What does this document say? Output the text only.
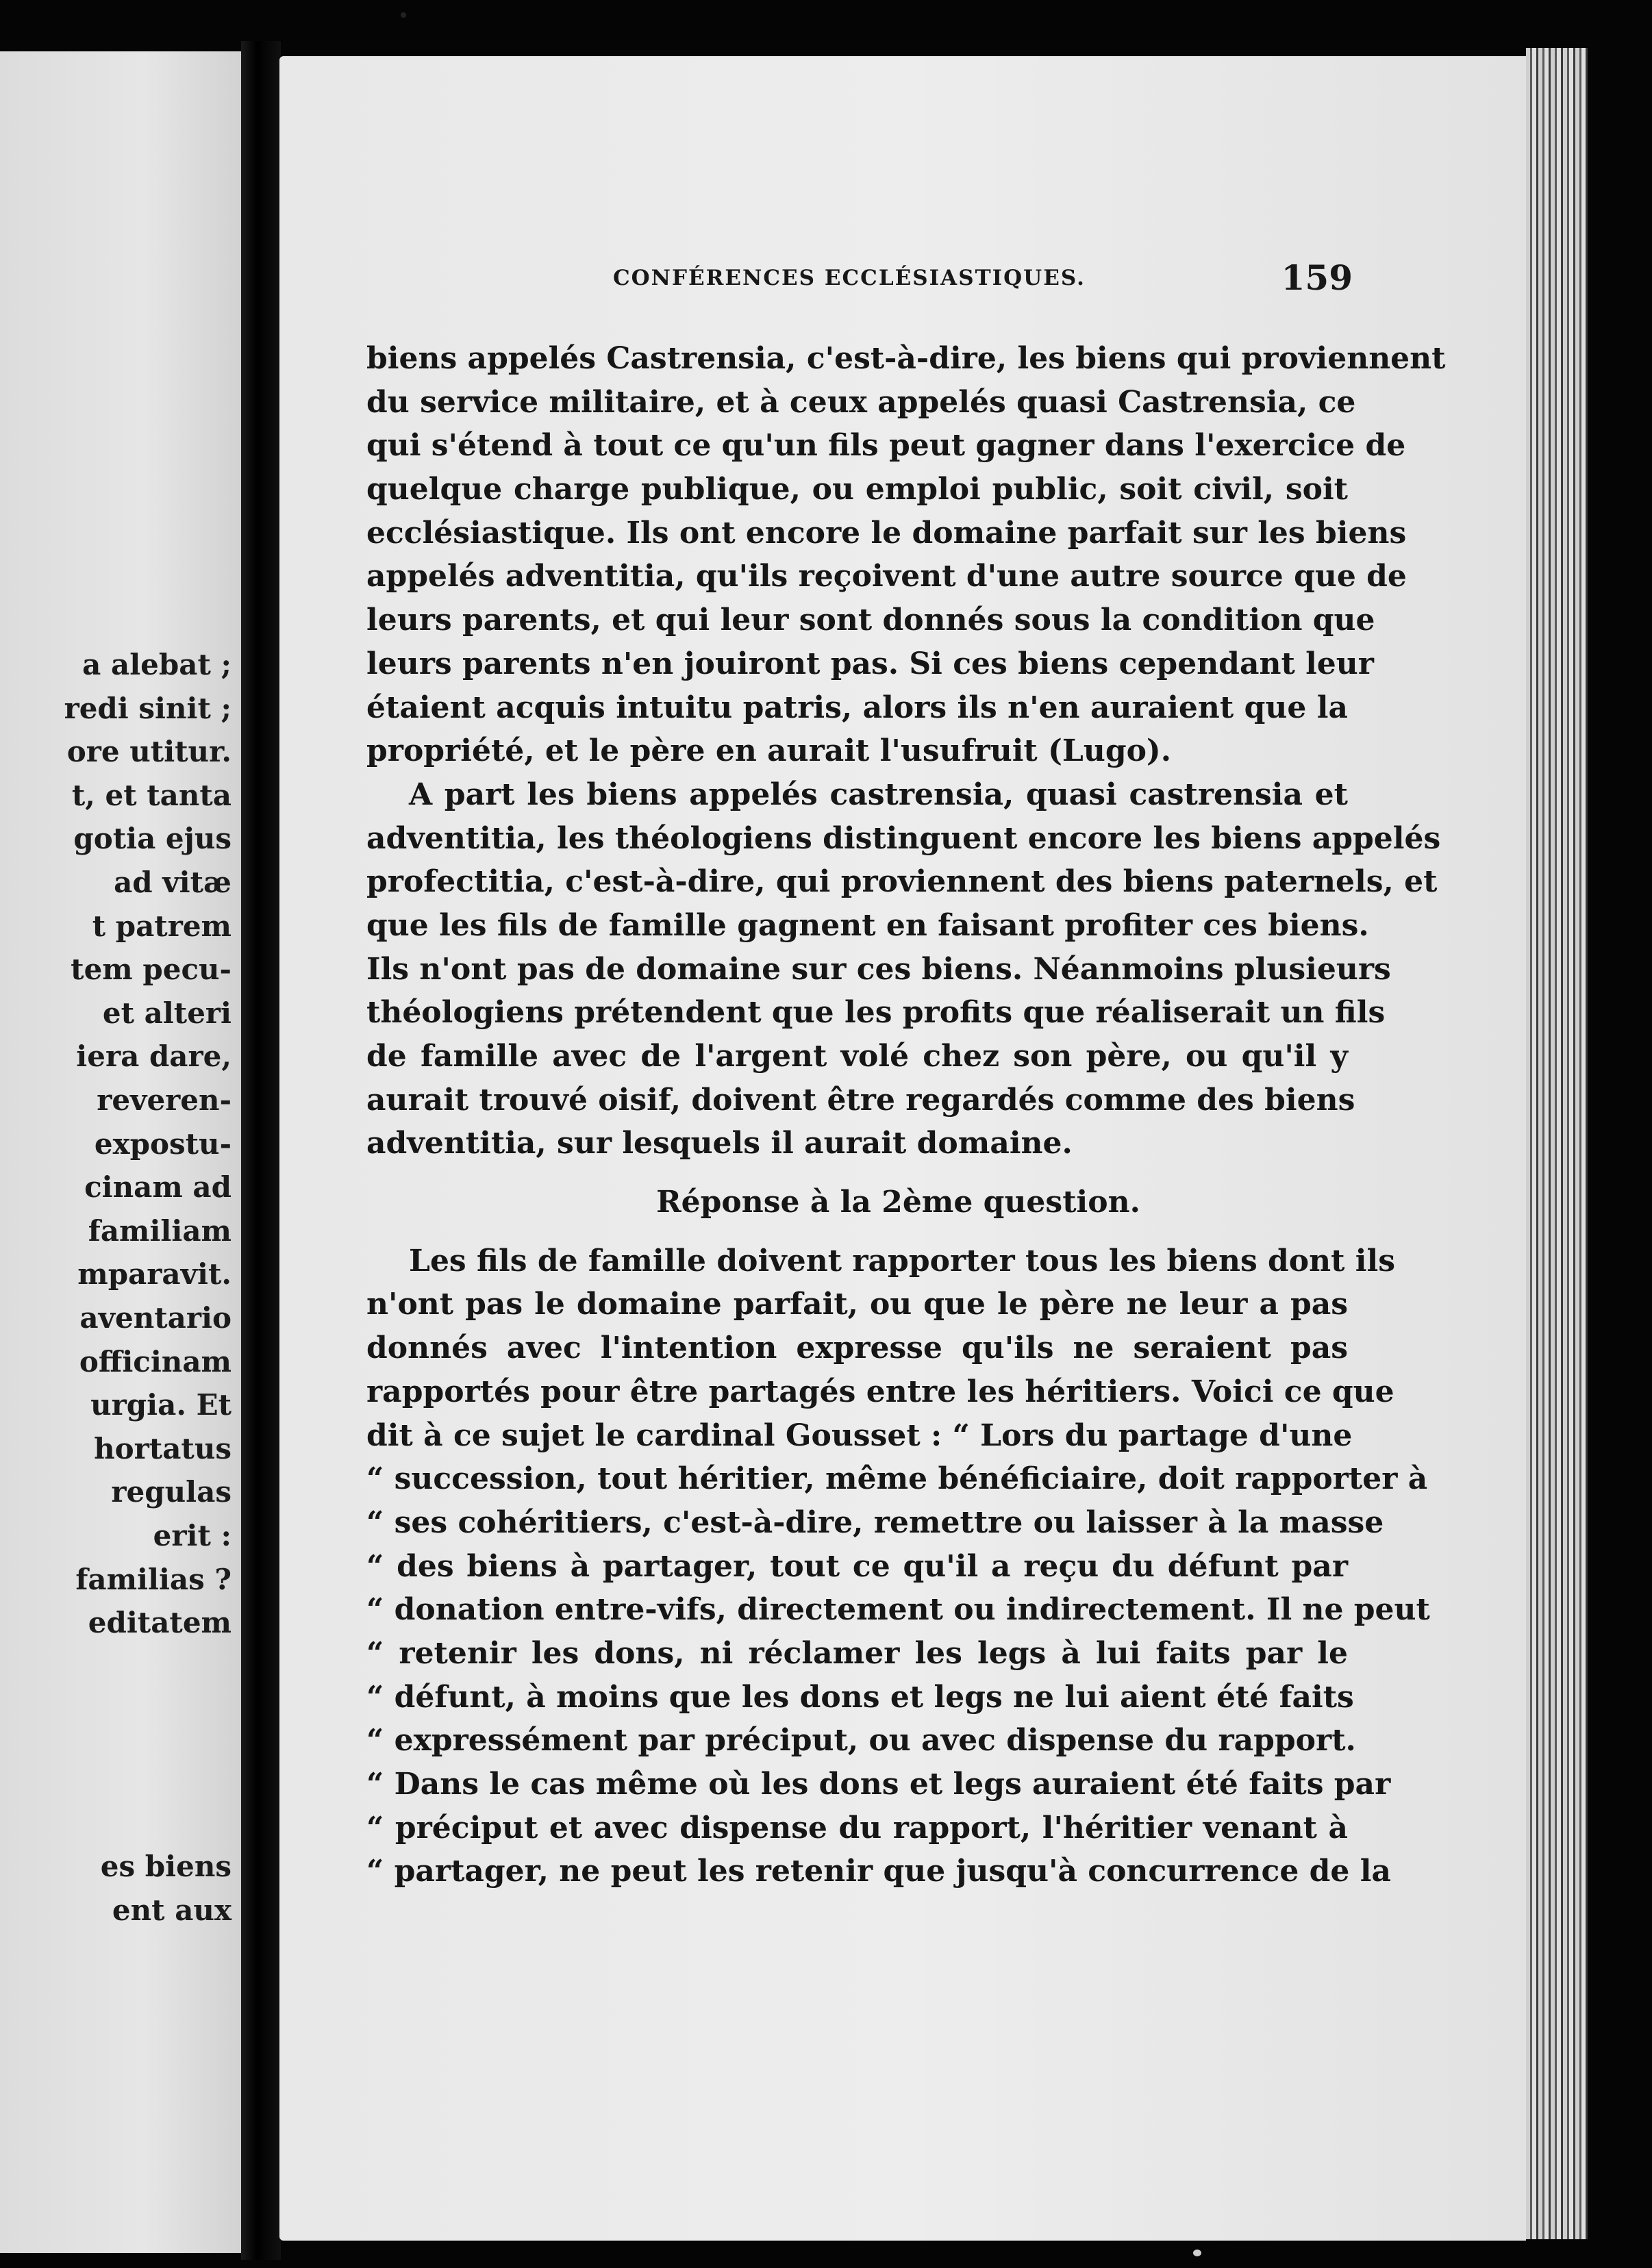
a alebat ;
redi sinit ;
ore utitur.
t, et tanta
gotia ejus
ad vitæ
t patrem
tem pecu-
et alteri
iera dare,
reveren-
expostu-
cinam ad
familiam
mparavit.
aventario
officinam
urgia. Et
hortatus
regulas
erit :
familias ?
editatem
es biens
ent aux
CONFÉRENCES ECCLÉSIASTIQUES.	159
biens appelés Castrensia, c'est-à-dire, les biens qui proviennent
du service militaire, et à ceux appelés quasi Castrensia, ce
qui s'étend à tout ce qu'un fils peut gagner dans l'exercice de
quelque charge publique, ou emploi public, soit civil, soit
ecclésiastique. Ils ont encore le domaine parfait sur les biens
appelés adventitia, qu'ils reçoivent d'une autre source que de
leurs parents, et qui leur sont donnés sous la condition que
leurs parents n'en jouiront pas. Si ces biens cependant leur
étaient acquis intuitu patris, alors ils n'en auraient que la
propriété, et le père en aurait l'usufruit (Lugo).
A part les biens appelés castrensia, quasi castrensia et
adventitia, les théologiens distinguent encore les biens appelés
profectitia, c'est-à-dire, qui proviennent des biens paternels, et
que les fils de famille gagnent en faisant profiter ces biens.
Ils n'ont pas de domaine sur ces biens. Néanmoins plusieurs
théologiens prétendent que les profits que réaliserait un fils
de famille avec de l'argent volé chez son père, ou qu'il y
aurait trouvé oisif, doivent être regardés comme des biens
adventitia, sur lesquels il aurait domaine.
Réponse à la 2ème question.
Les fils de famille doivent rapporter tous les biens dont ils
n'ont pas le domaine parfait, ou que le père ne leur a pas
donnés avec l'intention expresse qu'ils ne seraient pas
rapportés pour être partagés entre les héritiers. Voici ce que
dit à ce sujet le cardinal Gousset : “ Lors du partage d'une
“ succession, tout héritier, même bénéficiaire, doit rapporter à
“ ses cohéritiers, c'est-à-dire, remettre ou laisser à la masse
“ des biens à partager, tout ce qu'il a reçu du défunt par
“ donation entre-vifs, directement ou indirectement. Il ne peut
“ retenir les dons, ni réclamer les legs à lui faits par le
“ défunt, à moins que les dons et legs ne lui aient été faits
“ expressément par préciput, ou avec dispense du rapport.
“ Dans le cas même où les dons et legs auraient été faits par
“ préciput et avec dispense du rapport, l'héritier venant à
“ partager, ne peut les retenir que jusqu'à concurrence de la
